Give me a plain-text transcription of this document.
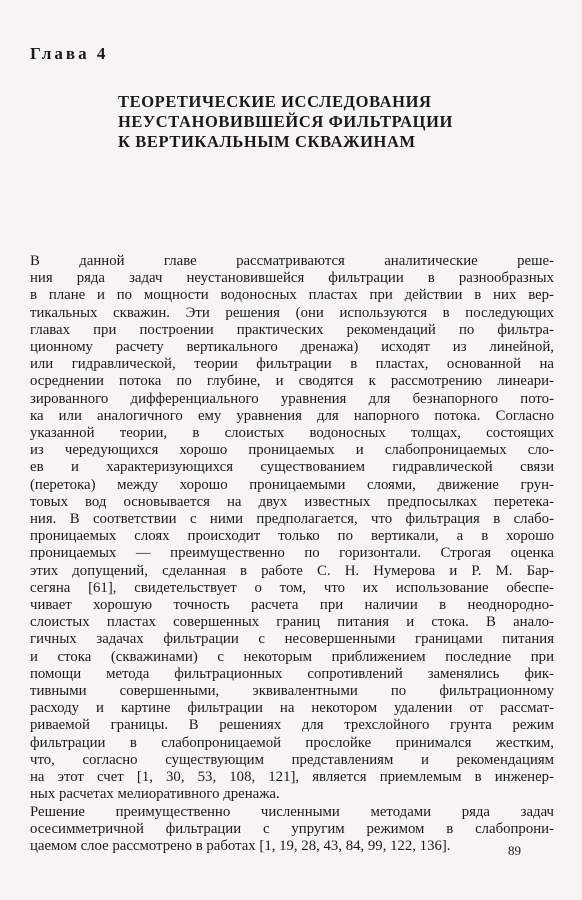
Глава 4
ТЕОРЕТИЧЕСКИЕ ИССЛЕДОВАНИЯ
НЕУСТАНОВИВШЕЙСЯ ФИЛЬТРАЦИИ
К ВЕРТИКАЛЬНЫМ СКВАЖИНАМ
В данной главе рассматриваются аналитические реше-
ния ряда задач неустановившейся фильтрации в разнообразных
в плане и по мощности водоносных пластах при действии в них вер-
тикальных скважин. Эти решения (они используются в последующих
главах при построении практических рекомендаций по фильтра-
ционному расчету вертикального дренажа) исходят из линейной,
или гидравлической, теории фильтрации в пластах, основанной на
осреднении потока по глубине, и сводятся к рассмотрению линеари-
зированного дифференциального уравнения для безнапорного пото-
ка или аналогичного ему уравнения для напорного потока. Согласно
указанной теории, в слоистых водоносных толщах, состоящих
из чередующихся хорошо проницаемых и слабопроницаемых сло-
ев и характеризующихся существованием гидравлической связи
(перетока) между хорошо проницаемыми слоями, движение грун-
товых вод основывается на двух известных предпосылках перетека-
ния. В соответствии с ними предполагается, что фильтрация в слабо-
проницаемых слоях происходит только по вертикали, а в хорошо
проницаемых — преимущественно по горизонтали. Строгая оценка
этих допущений, сделанная в работе С. Н. Нумерова и Р. М. Бар-
сегяна [61], свидетельствует о том, что их использование обеспе-
чивает хорошую точность расчета при наличии в неоднородно-
слоистых пластах совершенных границ питания и стока. В анало-
гичных задачах фильтрации с несовершенными границами питания
и стока (скважинами) с некоторым приближением последние при
помощи метода фильтрационных сопротивлений заменялись фик-
тивными совершенными, эквивалентными по фильтрационному
расходу и картине фильтрации на некотором удалении от рассмат-
риваемой границы. В решениях для трехслойного грунта режим
фильтрации в слабопроницаемой прослойке принимался жестким,
что, согласно существующим представлениям и рекомендациям
на этот счет [1, 30, 53, 108, 121], является приемлемым в инженер-
ных расчетах мелиоративного дренажа.
Решение преимущественно численными методами ряда задач
осесимметричной фильтрации с упругим режимом в слабопрони-
цаемом слое рассмотрено в работах [1, 19, 28, 43, 84, 99, 122, 136].	89
